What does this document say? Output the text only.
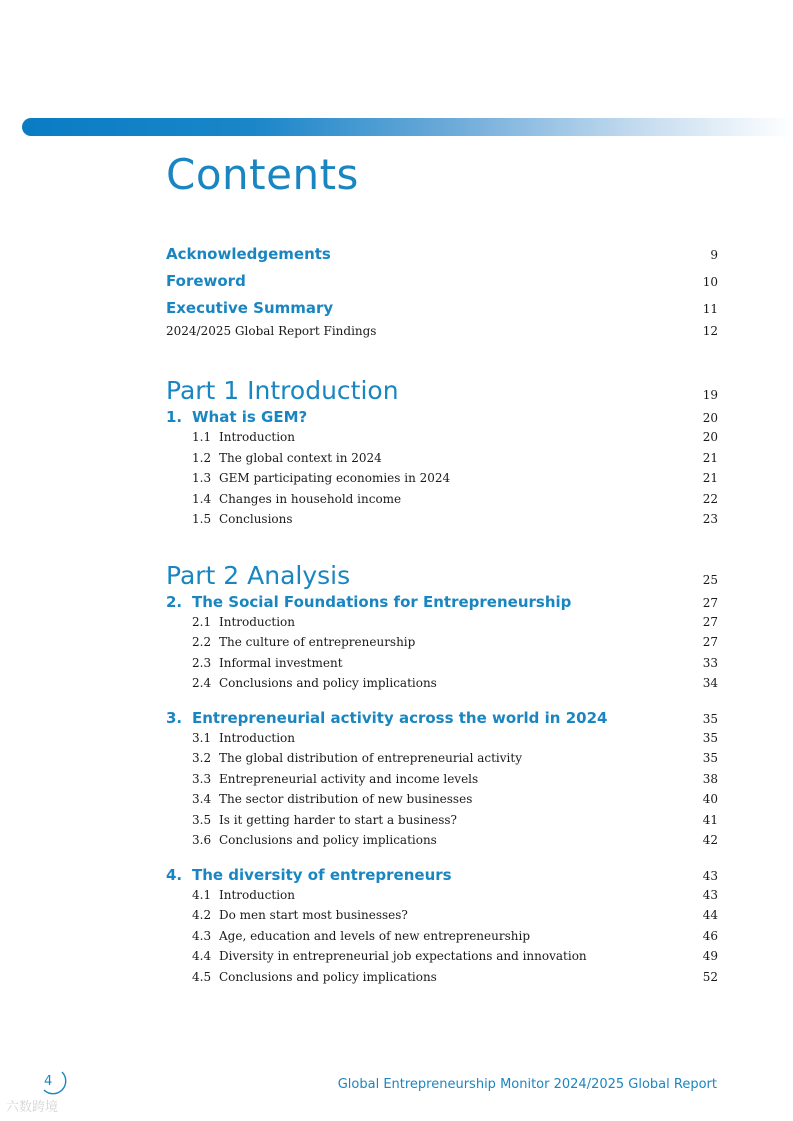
Contents
Acknowledgements	9
Foreword	10
Executive Summary	11
2024/2025 Global Report Findings	12
Part 1 Introduction	19
1. What is GEM?	20
1.1 Introduction	20
1.2 The global context in 2024	21
1.3 GEM participating economies in 2024	21
1.4 Changes in household income	22
1.5 Conclusions	23
Part 2 Analysis	25
2. The Social Foundations for Entrepreneurship	27
2.1 Introduction	27
2.2 The culture of entrepreneurship	27
2.3 Informal investment	33
2.4 Conclusions and policy implications	34
3. Entrepreneurial activity across the world in 2024	35
3.1 Introduction	35
3.2 The global distribution of entrepreneurial activity	35
3.3 Entrepreneurial activity and income levels	38
3.4 The sector distribution of new businesses	40
3.5 Is it getting harder to start a business?	41
3.6 Conclusions and policy implications	42
4. The diversity of entrepreneurs	43
4.1 Introduction	43
4.2 Do men start most businesses?	44
4.3 Age, education and levels of new entrepreneurship	46
4.4 Diversity in entrepreneurial job expectations and innovation	49
4.5 Conclusions and policy implications	52
4
六数跨境
Global Entrepreneurship Monitor 2024/2025 Global Report
